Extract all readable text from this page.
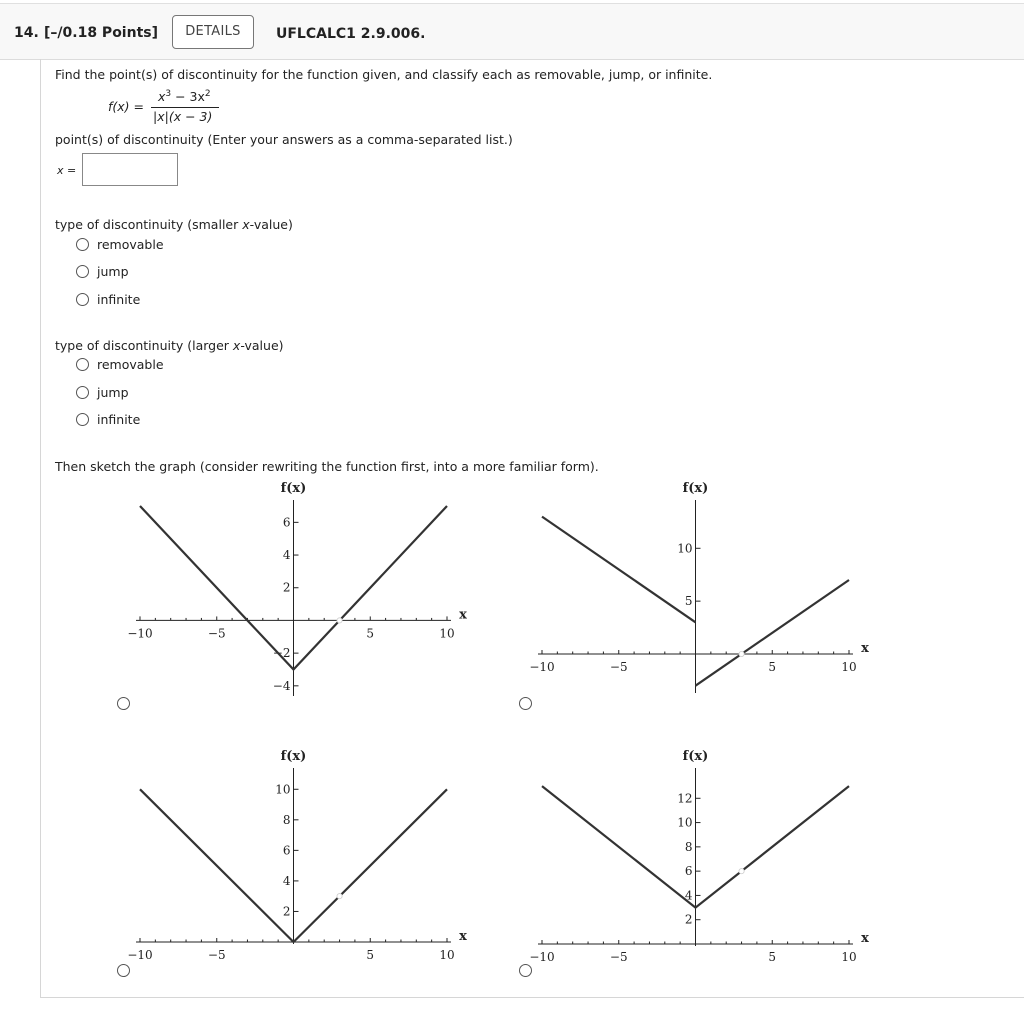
14. [–/0.18 Points]	DETAILS	UFLCALC1 2.9.006.
Find the point(s) of discontinuity for the function given, and classify each as removable, jump, or infinite.
f(x) =
$x^3 - 3x^2$
|x|(x − 3)
point(s) of discontinuity (Enter your answers as a comma-separated list.)
x =
type of discontinuity (smaller x-value)
removable
jump
infinite
type of discontinuity (larger x-value)
removable
jump
infinite
Then sketch the graph (consider rewriting the function first, into a more familiar form).
−10	−5	5	10
−4
−2
2
4
6
f(x)
x
−10	−5	5	10
5
10
f(x)
x
−10	−5	5	10
2
4
6
8
10
f(x)
x
−10	−5	5	10
2
4
6
8
10
12
f(x)
x
